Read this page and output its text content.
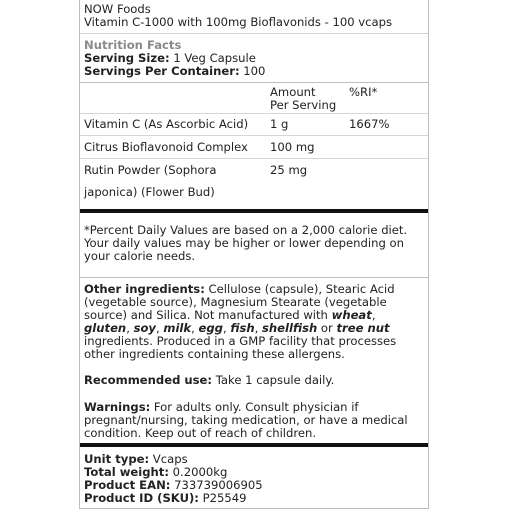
NOW Foods
Vitamin C-1000 with 100mg Bioflavonids - 100 vcaps
Nutrition Facts
Serving Size: 1 Veg Capsule
Servings Per Container: 100
Amount
Per Serving
%RI*
Vitamin C (As Ascorbic Acid) 1 g	1667%
Citrus Bioflavonoid Complex 100 mg
Rutin Powder (Sophora
japonica) (Flower Bud)
25 mg
*Percent Daily Values are based on a 2,000 calorie diet.
Your daily values may be higher or lower depending on
your calorie needs.
Other ingredients: Cellulose (capsule), Stearic Acid
(vegetable source), Magnesium Stearate (vegetable
source) and Silica. Not manufactured with wheat,
gluten, soy, milk, egg, fish, shellfish or tree nut
ingredients. Produced in a GMP facility that processes
other ingredients containing these allergens.
Recommended use: Take 1 capsule daily.
Warnings: For adults only. Consult physician if
pregnant/nursing, taking medication, or have a medical
condition. Keep out of reach of children.
Unit type: Vcaps
Total weight: 0.2000kg
Product EAN: 733739006905
Product ID (SKU): P25549
